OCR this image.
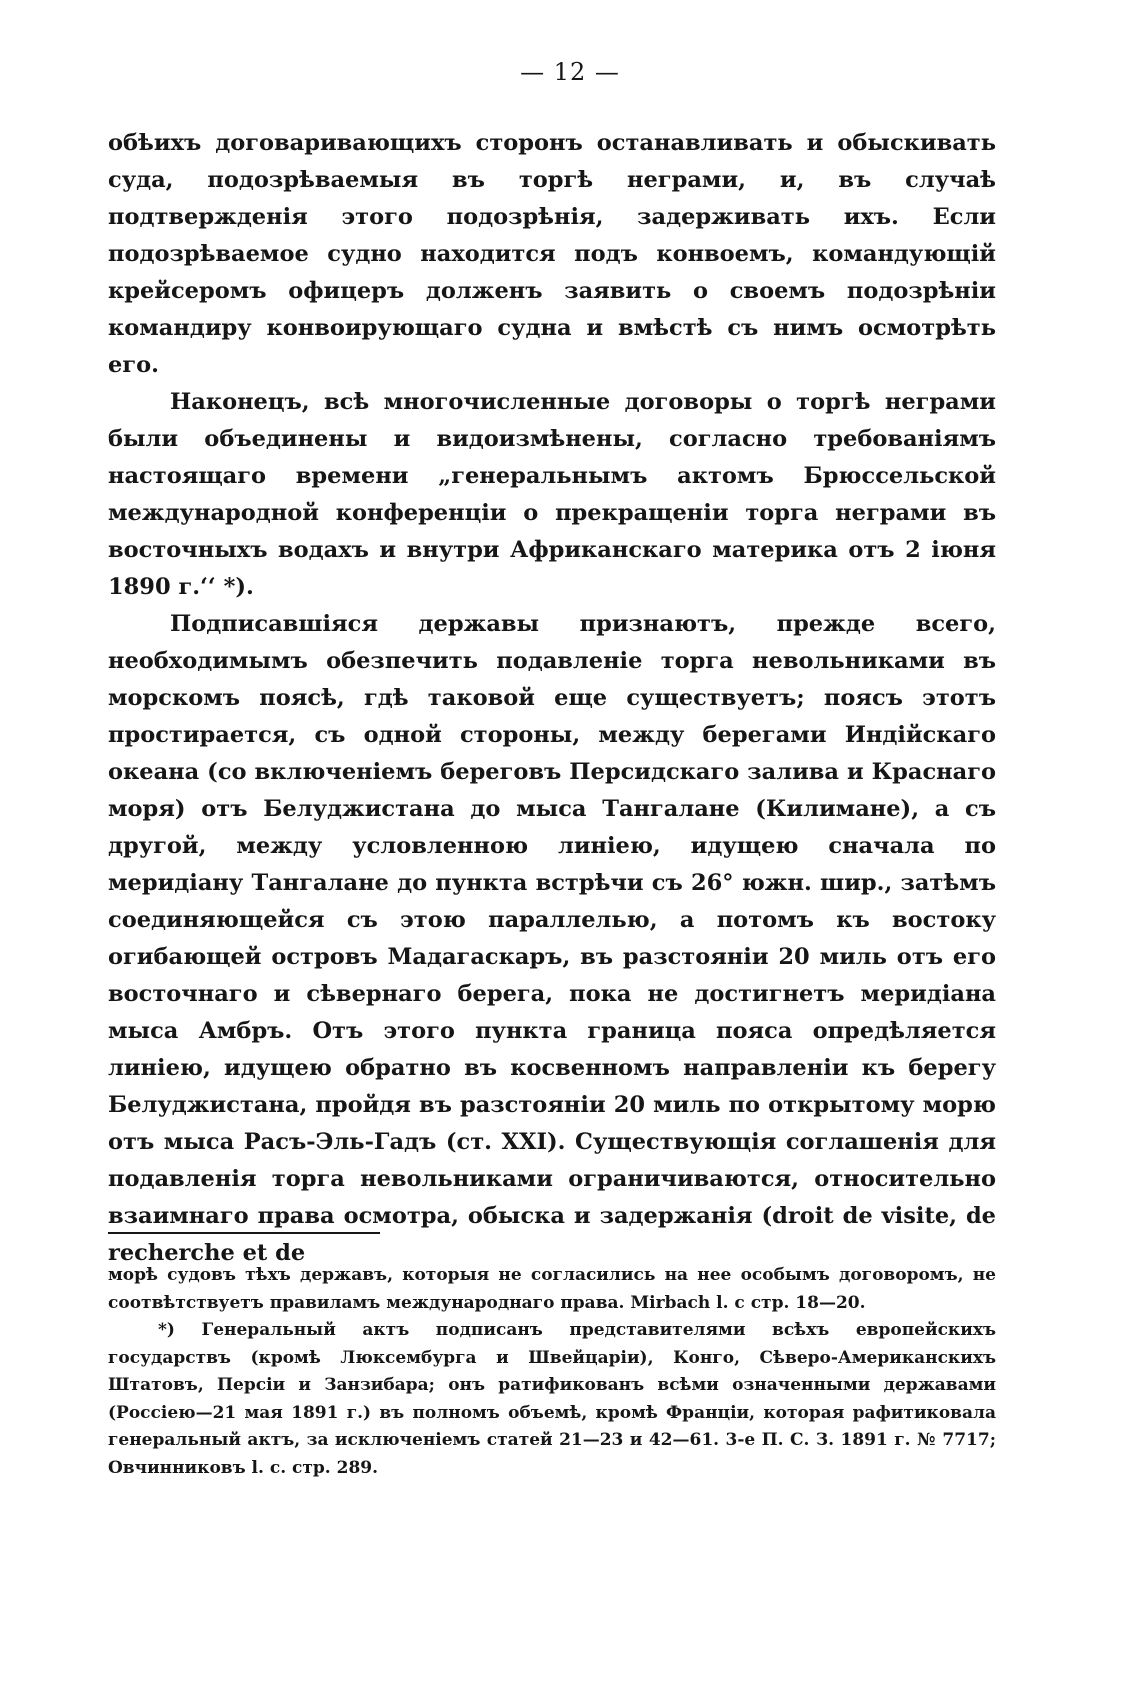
— 12 —

обѣихъ договаривающихъ сторонъ останавливать и обыскивать суда, подозрѣваемыя въ торгѣ неграми, и, въ случаѣ подтвержденія этого подозрѣнія, задерживать ихъ. Если подозрѣваемое судно находится подъ конвоемъ, командующій крейсеромъ офицеръ долженъ заявить о своемъ подозрѣніи командиру конвоирующаго судна и вмѣстѣ съ нимъ осмотрѣть его.

Наконецъ, всѣ многочисленные договоры о торгѣ неграми были объединены и видоизмѣнены, согласно требованіямъ настоящаго времени „генеральнымъ актомъ Брюссельской международной конференціи о прекращеніи торга неграми въ восточныхъ водахъ и внутри Африканскаго материка отъ 2 іюня 1890 г.‘‘ *).

Подписавшіяся державы признаютъ, прежде всего, необходимымъ обезпечить подавленіе торга невольниками въ морскомъ поясѣ, гдѣ таковой еще существуетъ; поясъ этотъ простирается, съ одной стороны, между берегами Индійскаго океана (со включеніемъ береговъ Персидскаго залива и Краснаго моря) отъ Белуджистана до мыса Тангалане (Килимане), а съ другой, между условленною линіею, идущею сначала по меридіану Тангалане до пункта встрѣчи съ 26° южн. шир., затѣмъ соединяющейся съ этою параллелью, а потомъ къ востоку огибающей островъ Мадагаскаръ, въ разстояніи 20 миль отъ его восточнаго и сѣвернаго берега, пока не достигнетъ меридіана мыса Амбръ. Отъ этого пункта граница пояса опредѣляется линіею, идущею обратно въ косвенномъ направленіи къ берегу Белуджистана, пройдя въ разстояніи 20 миль по открытому морю отъ мыса Расъ-Эль-Гадъ (ст. XXI). Существующія соглашенія для подавленія торга невольниками ограничиваются, относительно взаимнаго права осмотра, обыска и задержанія (droit de visite, de recherche et de

морѣ судовъ тѣхъ державъ, которыя не согласились на нее особымъ договоромъ, не соотвѣтствуетъ правиламъ международнаго права. Mirbach l. с стр. 18—20.

*) Генеральный актъ подписанъ представителями всѣхъ европейскихъ государствъ (кромѣ Люксембурга и Швейцаріи), Конго, Сѣверо-Американскихъ Штатовъ, Персіи и Занзибара; онъ ратификованъ всѣми означенными державами (Россіею—21 мая 1891 г.) въ полномъ объемѣ, кромѣ Франціи, которая рафитиковала генеральный актъ, за исключеніемъ статей 21—23 и 42—61. 3-е П. С. З. 1891 г. № 7717; Овчинниковъ l. с. стр. 289.
